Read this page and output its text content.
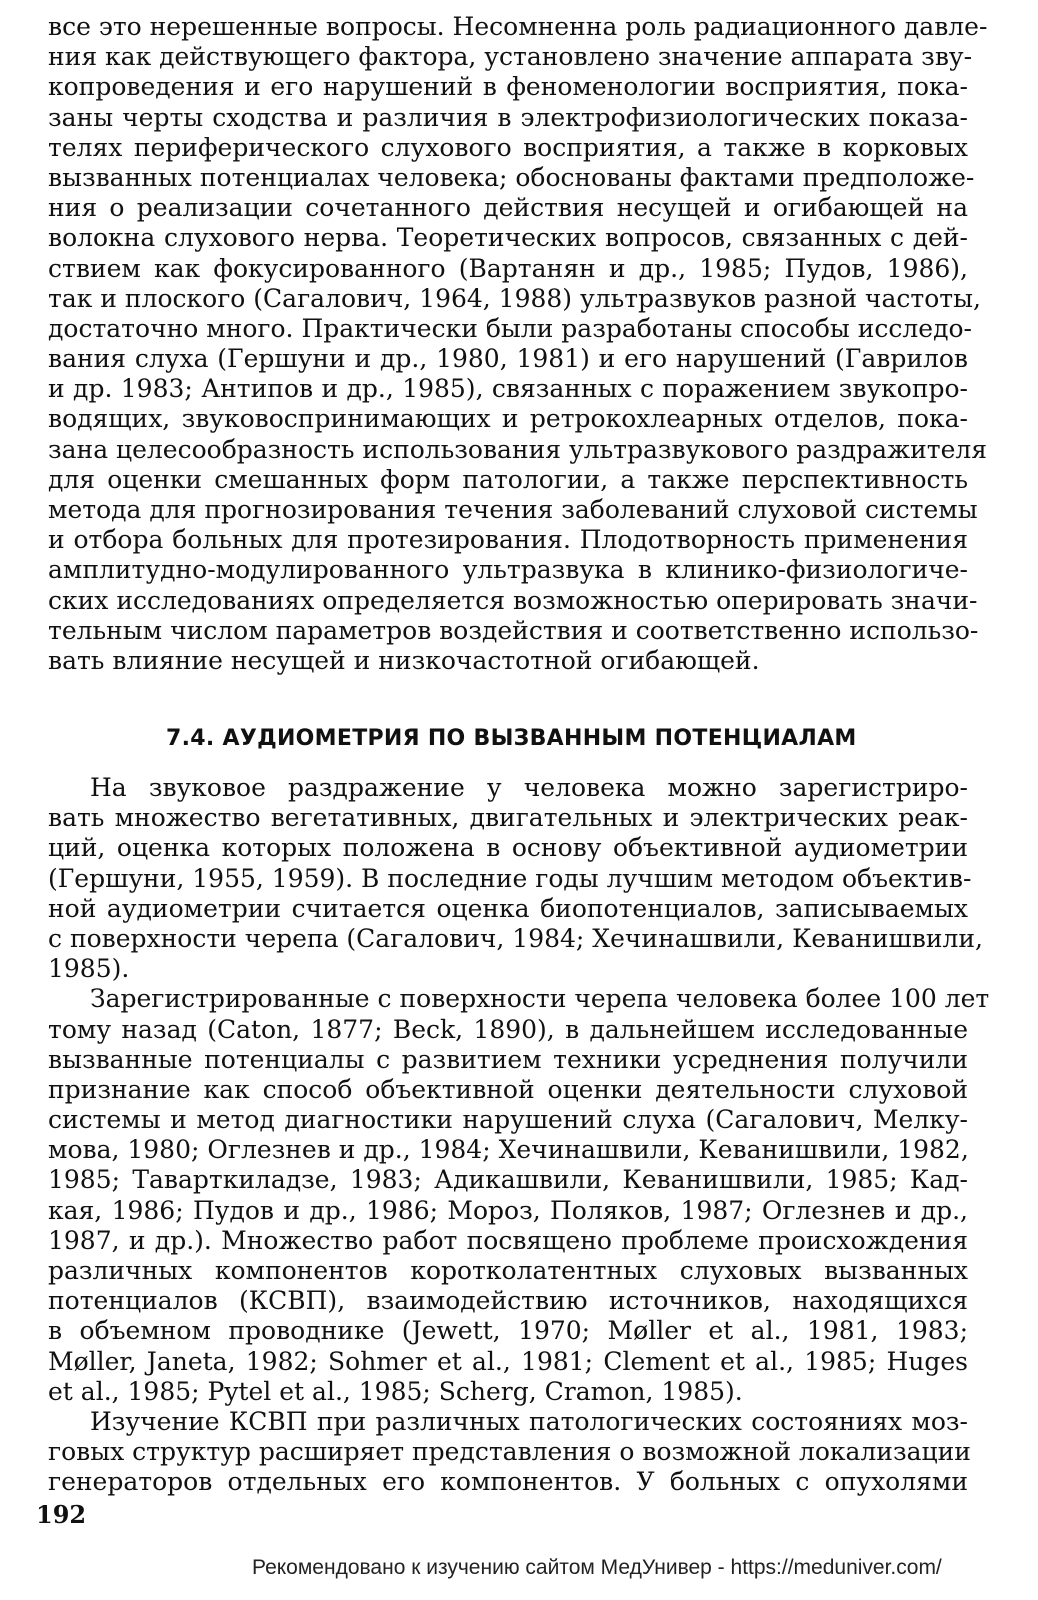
все это нерешенные вопросы. Несомненна роль радиационного давле-
ния как действующего фактора, установлено значение аппарата зву-
копроведения и его нарушений в феноменологии восприятия, пока-
заны черты сходства и различия в электрофизиологических показа-
телях периферического слухового восприятия, а также в корковых
вызванных потенциалах человека; обоснованы фактами предположе-
ния о реализации сочетанного действия несущей и огибающей на
волокна слухового нерва. Теоретических вопросов, связанных с дей-
ствием как фокусированного (Вартанян и др., 1985; Пудов, 1986),
так и плоского (Сагалович, 1964, 1988) ультразвуков разной частоты,
достаточно много. Практически были разработаны способы исследо-
вания слуха (Гершуни и др., 1980, 1981) и его нарушений (Гаврилов
и др. 1983; Антипов и др., 1985), связанных с поражением звукопро-
водящих, звуковоспринимающих и ретрокохлеарных отделов, пока-
зана целесообразность использования ультразвукового раздражителя
для оценки смешанных форм патологии, а также перспективность
метода для прогнозирования течения заболеваний слуховой системы
и отбора больных для протезирования. Плодотворность применения
амплитудно-модулированного ультразвука в клинико-физиологиче-
ских исследованиях определяется возможностью оперировать значи-
тельным числом параметров воздействия и соответственно использо-
вать влияние несущей и низкочастотной огибающей.
7.4. АУДИОМЕТРИЯ ПО ВЫЗВАННЫМ ПОТЕНЦИАЛАМ
На звуковое раздражение у человека можно зарегистриро-
вать множество вегетативных, двигательных и электрических реак-
ций, оценка которых положена в основу объективной аудиометрии
(Гершуни, 1955, 1959). В последние годы лучшим методом объектив-
ной аудиометрии считается оценка биопотенциалов, записываемых
с поверхности черепа (Сагалович, 1984; Хечинашвили, Кеванишвили,
1985).
Зарегистрированные с поверхности черепа человека более 100 лет
тому назад (Caton, 1877; Beck, 1890), в дальнейшем исследованные
вызванные потенциалы с развитием техники усреднения получили
признание как способ объективной оценки деятельности слуховой
системы и метод диагностики нарушений слуха (Сагалович, Мелку-
мова, 1980; Оглезнев и др., 1984; Хечинашвили, Кеванишвили, 1982,
1985; Таварткиладзе, 1983; Адикашвили, Кеванишвили, 1985; Кад-
кая, 1986; Пудов и др., 1986; Мороз, Поляков, 1987; Оглезнев и др.,
1987, и др.). Множество работ посвящено проблеме происхождения
различных компонентов коротколатентных слуховых вызванных
потенциалов (КСВП), взаимодействию источников, находящихся
в объемном проводнике (Jewett, 1970; Møller et al., 1981, 1983;
Møller, Janeta, 1982; Sohmer et al., 1981; Clement et al., 1985; Huges
et al., 1985; Pytel et al., 1985; Scherg, Cramon, 1985).
Изучение КСВП при различных патологических состояниях моз-
говых структур расширяет представления о возможной локализации
генераторов отдельных его компонентов. У больных с опухолями
192
Рекомендовано к изучению сайтом МедУнивер - https://meduniver.com/
